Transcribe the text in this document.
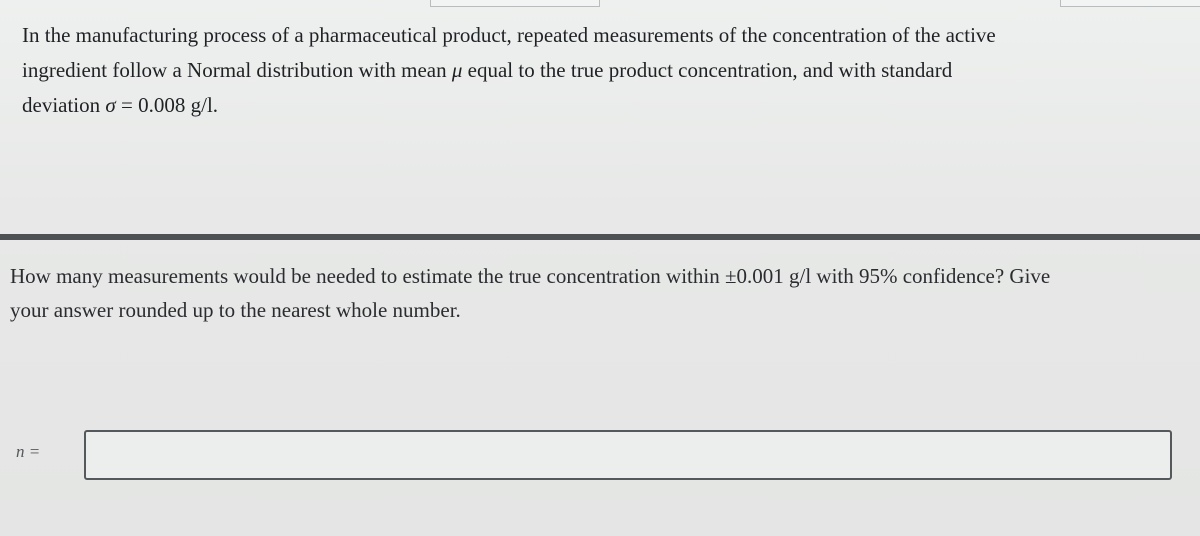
In the manufacturing process of a pharmaceutical product, repeated measurements of the concentration of the active

ingredient follow a Normal distribution with mean μ equal to the true product concentration, and with standard

deviation σ = 0.008 g/l.

How many measurements would be needed to estimate the true concentration within ±0.001 g/l with 95% confidence? Give

your answer rounded up to the nearest whole number.

n =
